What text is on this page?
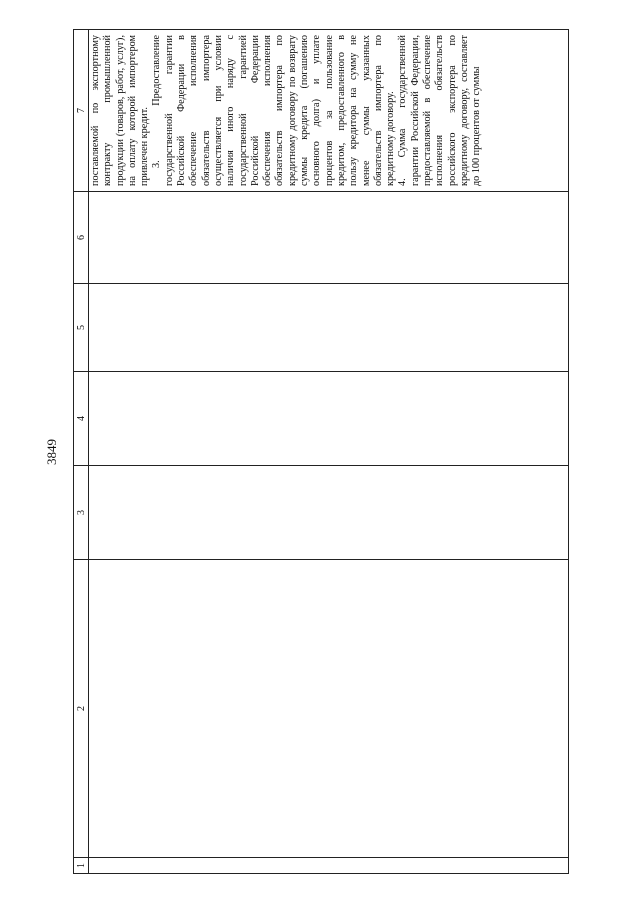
3849
1	2	3	4	5	6	7

						поставляемой по экспортному контракту промышленной продукции (товаров, работ, услуг), на оплату которой импортером привлечен кредит. 3. Предоставление государственной гарантии Российской Федерации в обеспечение исполнения обязательств импортера осуществляется при условии наличия иного наряду с государственной гарантией Российской Федерации обеспечения исполнения обязательств импортера по кредитному договору по возврату суммы кредита (погашению основного долга) и уплате процентов за пользование кредитом, предоставленного в пользу кредитора на сумму не менее суммы указанных обязательств импортера по кредитному договору. 4. Сумма государственной гарантии Российской Федерации, предоставляемой в обеспечение исполнения обязательств российского экспортера по кредитному договору, составляет до 100 процентов от суммы
